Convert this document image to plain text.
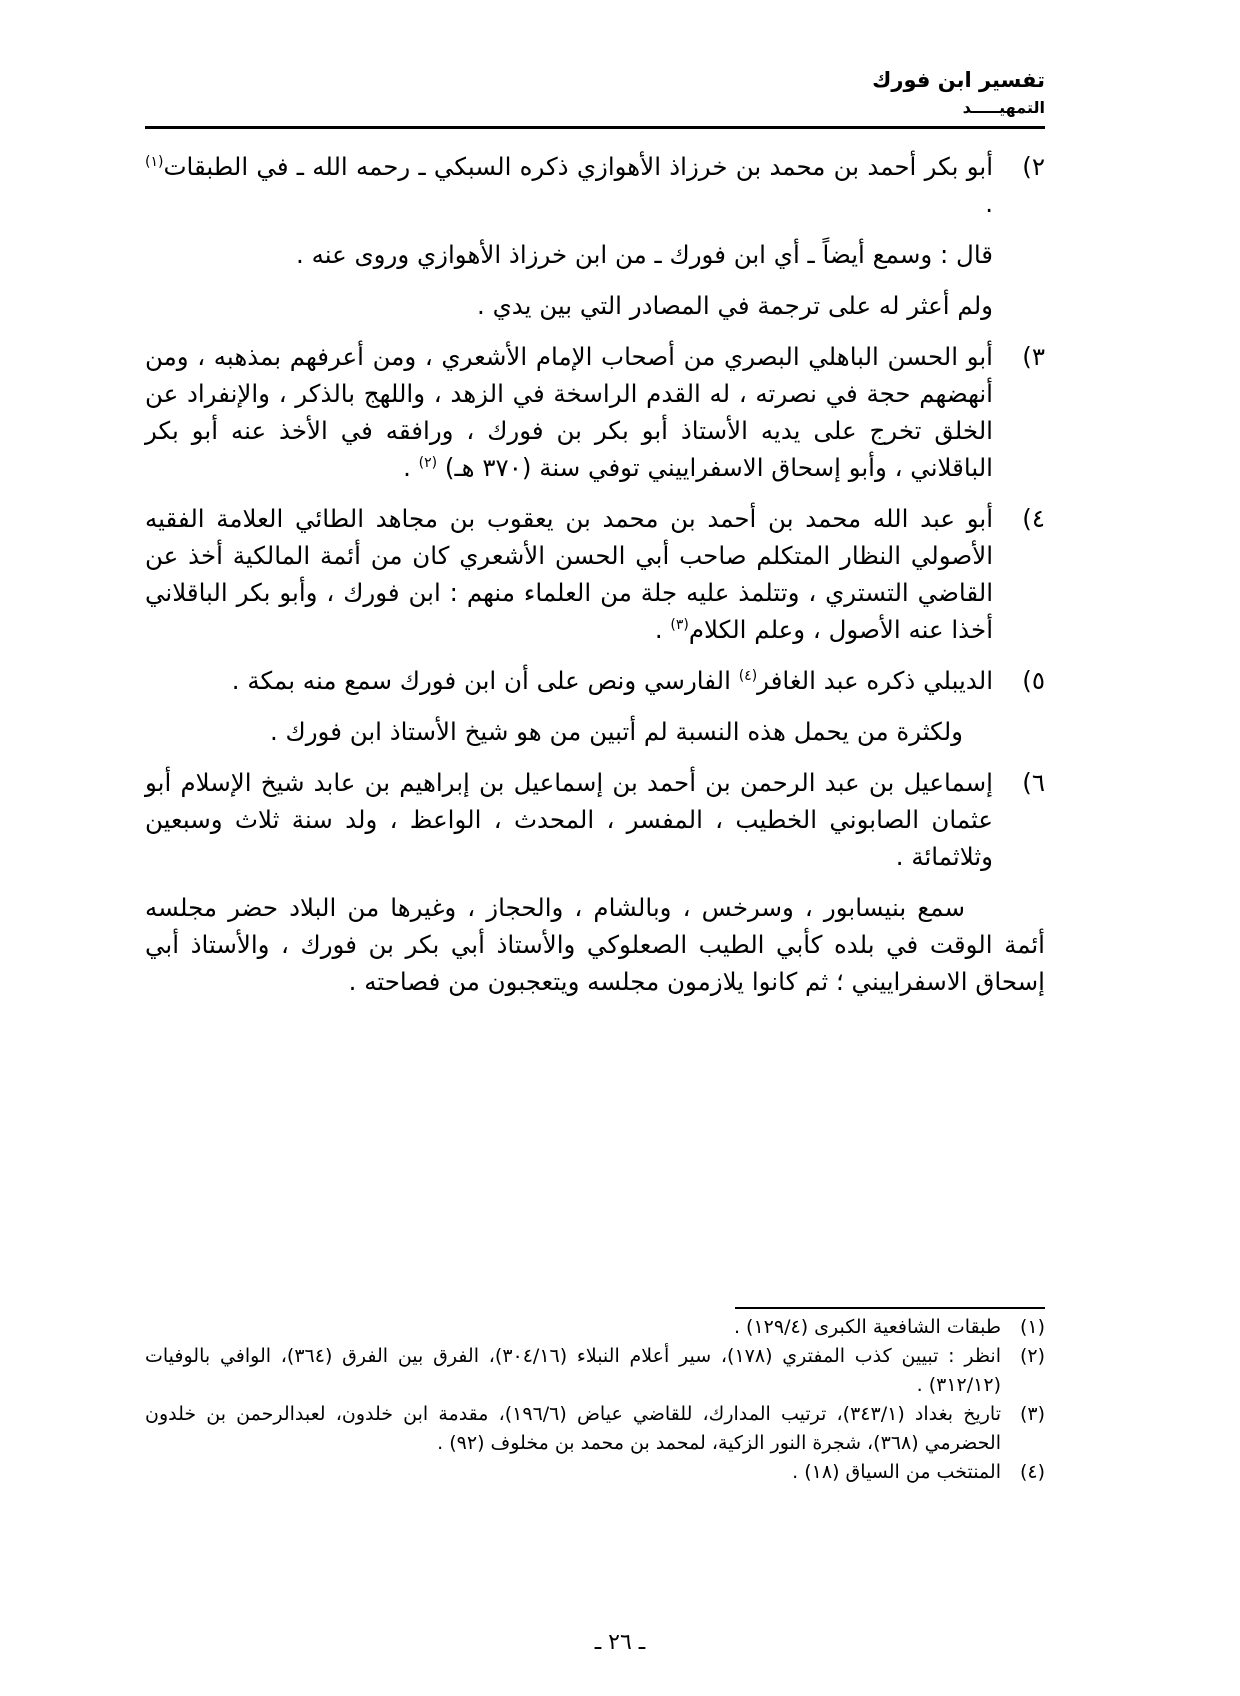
تفسير ابن فورك
التمهيـــــد
٢)
أبو بكر أحمد بن محمد بن خرزاذ الأهوازي ذكره السبكي ـ رحمه الله ـ في الطبقات$^{(١)}$ .

قال : وسمع أيضاً ـ أي ابن فورك ـ من ابن خرزاذ الأهوازي وروى عنه .

ولم أعثر له على ترجمة في المصادر التي بين يدي .

٣)
أبو الحسن الباهلي البصري من أصحاب الإمام الأشعري ، ومن أعرفهم بمذهبه ، ومن أنهضهم حجة في نصرته ، له القدم الراسخة في الزهد ، واللهج بالذكر ، والإنفراد عن الخلق تخرج على يديه الأستاذ أبو بكر بن فورك ، ورافقه في الأخذ عنه أبو بكر الباقلاني ، وأبو إسحاق الاسفراييني توفي سنة (٣٧٠ هـ) $^{(٢)}$ .
٤)
أبو عبد الله محمد بن أحمد بن محمد بن يعقوب بن مجاهد الطائي العلامة الفقيه الأصولي النظار المتكلم صاحب أبي الحسن الأشعري كان من أئمة المالكية أخذ عن القاضي التستري ، وتتلمذ عليه جلة من العلماء منهم : ابن فورك ، وأبو بكر الباقلاني أخذا عنه الأصول ، وعلم الكلام$^{(٣)}$ .
٥)
الديبلي ذكره عبد الغافر$^{(٤)}$ الفارسي ونص على أن ابن فورك سمع منه بمكة .

ولكثرة من يحمل هذه النسبة لم أتبين من هو شيخ الأستاذ ابن فورك .

٦)
إسماعيل بن عبد الرحمن بن أحمد بن إسماعيل بن إبراهيم بن عابد شيخ الإسلام أبو عثمان الصابوني الخطيب ، المفسر ، المحدث ، الواعظ ، ولد سنة ثلاث وسبعين وثلاثمائة .

سمع بنيسابور ، وسرخس ، وبالشام ، والحجاز ، وغيرها من البلاد حضر مجلسه أئمة الوقت في بلده كأبي الطيب الصعلوكي والأستاذ أبي بكر بن فورك ، والأستاذ أبي إسحاق الاسفراييني ؛ ثم كانوا يلازمون مجلسه ويتعجبون من فصاحته .

(١)
طبقات الشافعية الكبرى (١٢٩/٤) .
(٢)
انظر : تبيين كذب المفتري (١٧٨)، سير أعلام النبلاء (٣٠٤/١٦)، الفرق بين الفرق (٣٦٤)، الوافي بالوفيات (٣١٢/١٢) .
(٣)
تاريخ بغداد (٣٤٣/١)، ترتيب المدارك، للقاضي عياض (١٩٦/٦)، مقدمة ابن خلدون، لعبدالرحمن بن خلدون الحضرمي (٣٦٨)، شجرة النور الزكية، لمحمد بن محمد بن مخلوف (٩٢) .
(٤)
المنتخب من السياق (١٨) .
ـ ٢٦ ـ
